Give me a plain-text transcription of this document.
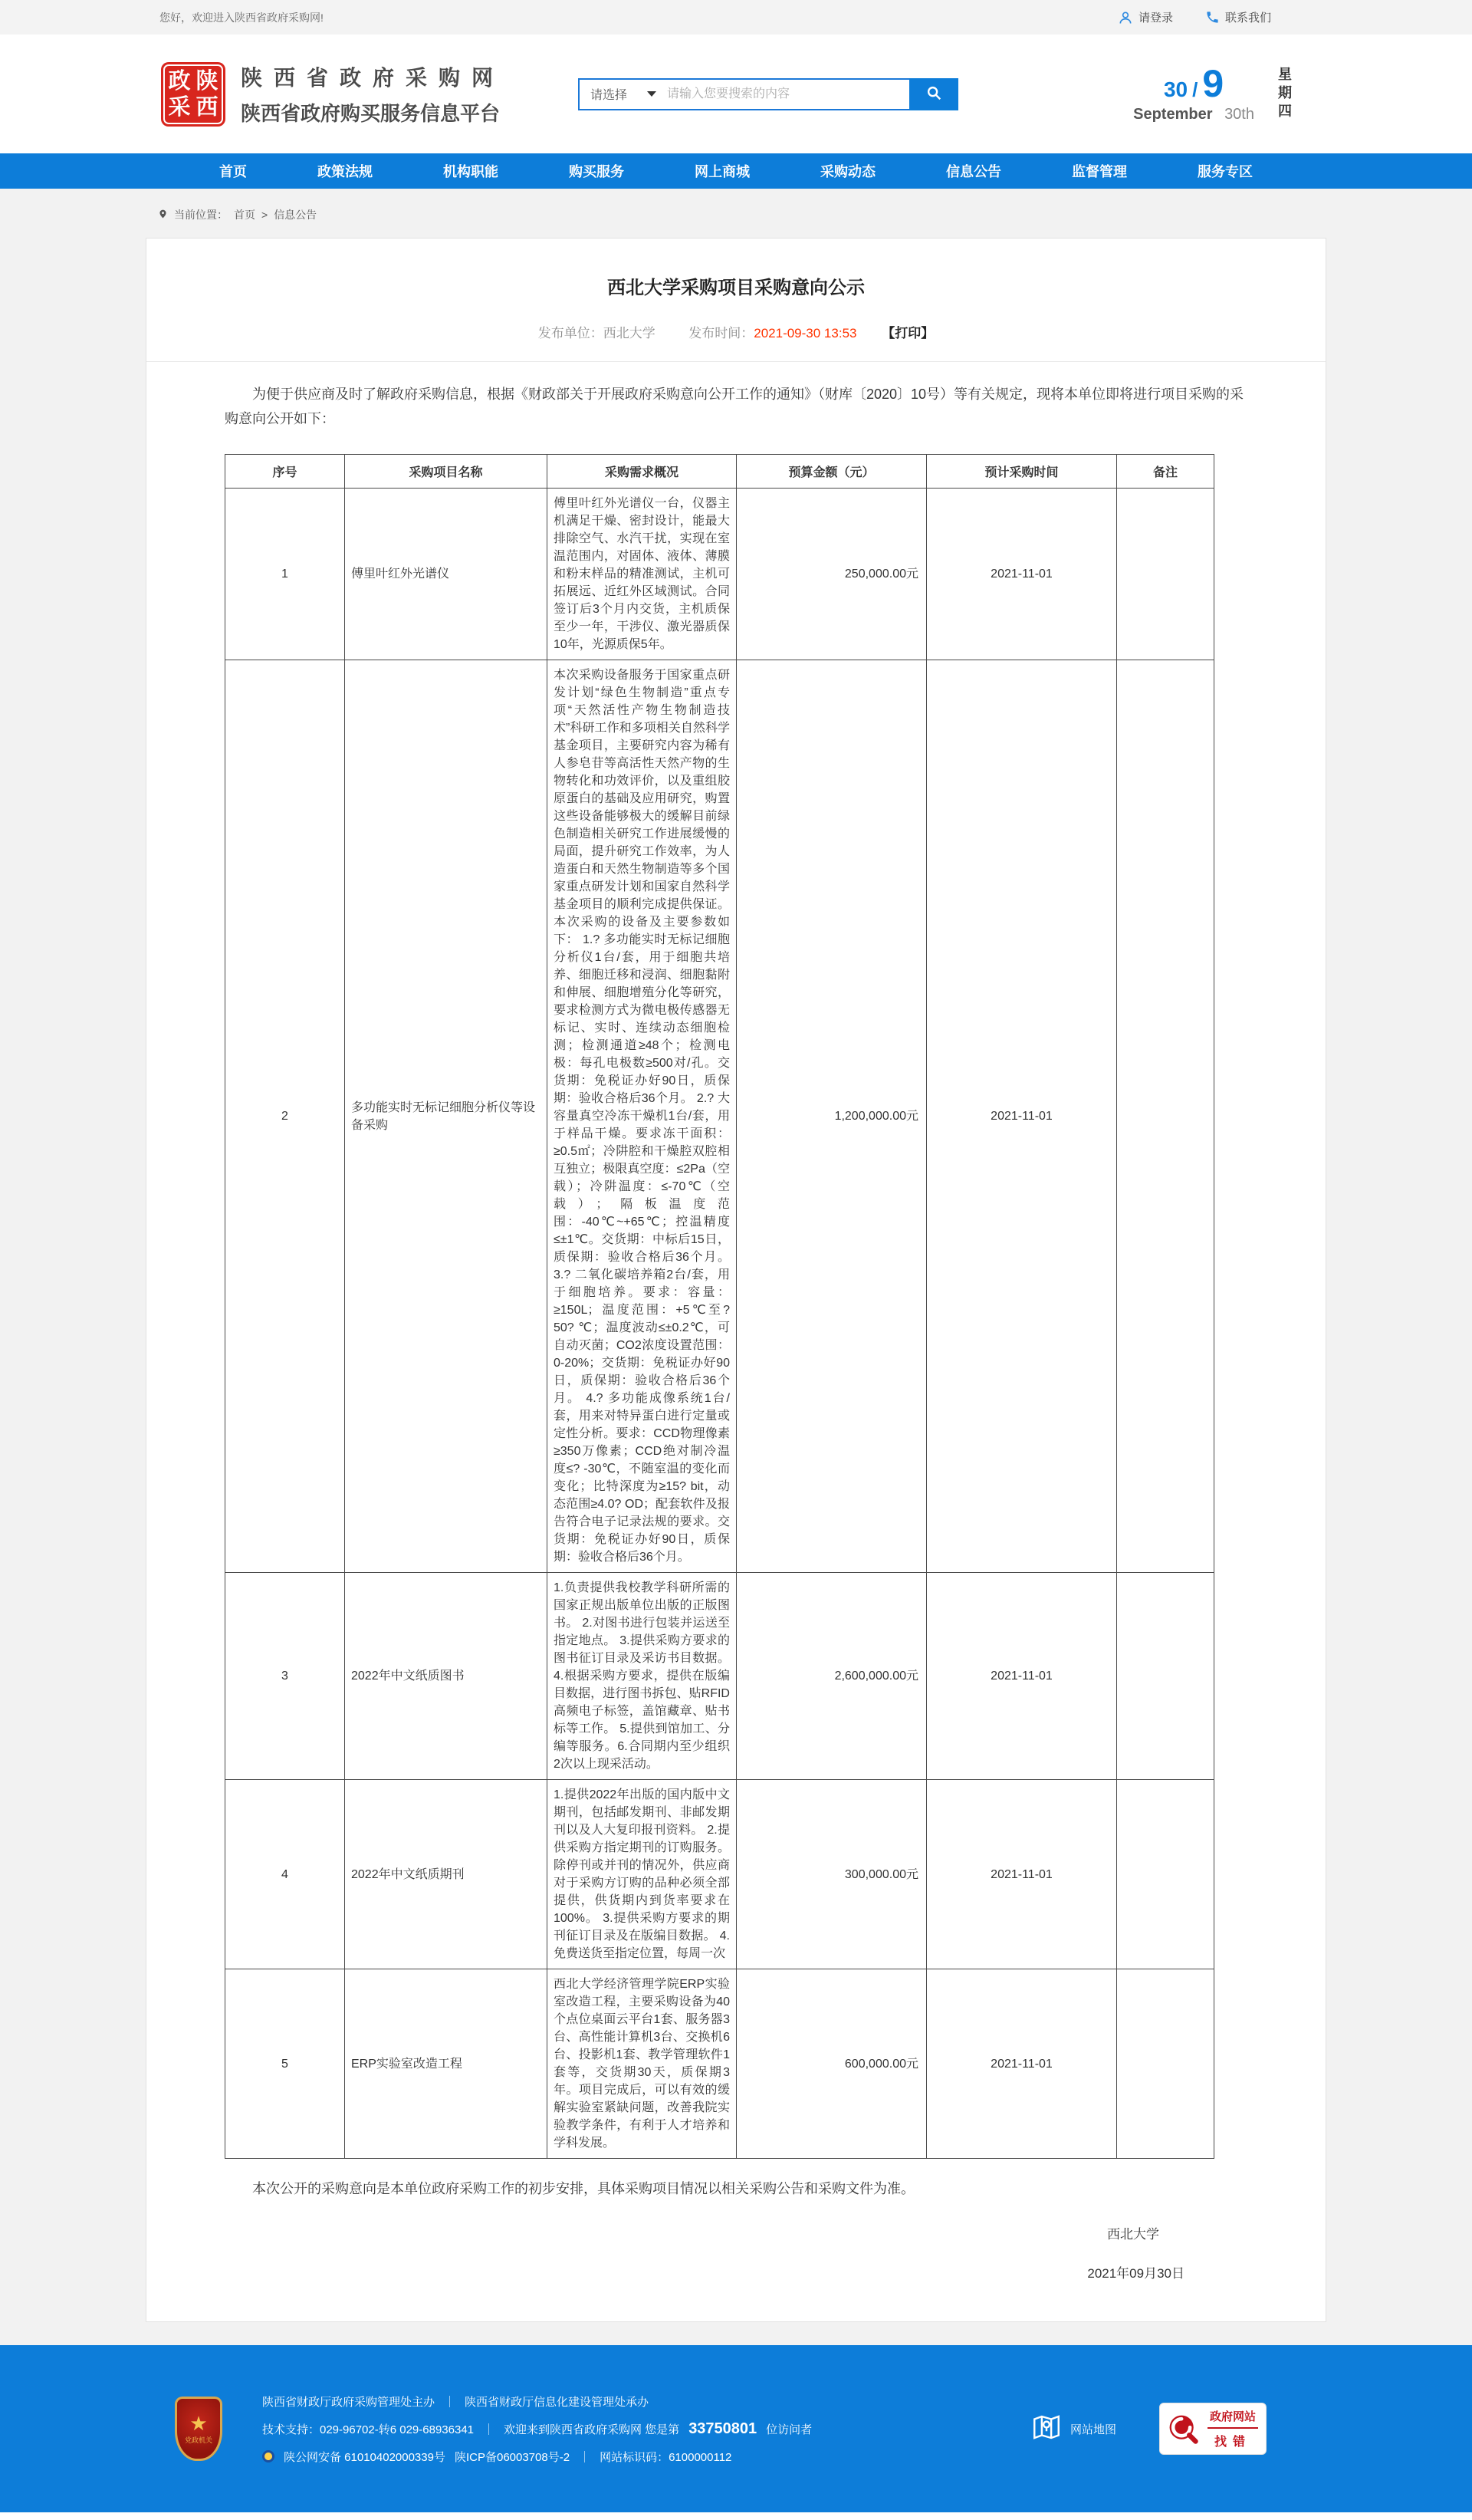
您好，欢迎进入陕西省政府采购网!	请登录	联系我们
政陕
采西
陕西省政府采购网
陕西省政府购买服务信息平台
请选择
请输入您要搜索的内容	30 / 9
September 30th 星期四
首页	政策法规	机构职能	购买服务	网上商城	采购动态	信息公告	监督管理	服务专区
当前位置： 首页 > 信息公告
西北大学采购项目采购意向公示
发布单位：西北大学	发布时间：2021-09-30 13:53 【打印】

为便于供应商及时了解政府采购信息，根据《财政部关于开展政府采购意向公开工作的通知》（财库〔2020〕10号）等有关规定，现将本单位即将进行项目采购的采购意向公开如下：

序号	采购项目名称	采购需求概况	预算金额（元）	预计采购时间	备注
1	傅里叶红外光谱仪	傅里叶红外光谱仪一台，仪器主机满足干燥、密封设计，能最大排除空气、水汽干扰，实现在室温范围内，对固体、液体、薄膜和粉末样品的精准测试，主机可拓展远、近红外区域测试。合同签订后3个月内交货，主机质保至少一年，干涉仪、激光器质保10年，光源质保5年。	250,000.00元	2021-11-01	
2	多功能实时无标记细胞分析仪等设备采购	本次采购设备服务于国家重点研发计划“绿色生物制造”重点专项“天然活性产物生物制造技术”科研工作和多项相关自然科学基金项目，主要研究内容为稀有人参皂苷等高活性天然产物的生物转化和功效评价，以及重组胶原蛋白的基础及应用研究，购置这些设备能够极大的缓解目前绿色制造相关研究工作进展缓慢的局面，提升研究工作效率，为人造蛋白和天然生物制造等多个国家重点研发计划和国家自然科学基金项目的顺利完成提供保证。本次采购的设备及主要参数如下： 1.? 多功能实时无标记细胞分析仪1台/套，用于细胞共培养、细胞迁移和浸润、细胞黏附和伸展、细胞增殖分化等研究，要求检测方式为微电极传感器无标记、实时、连续动态细胞检测；检测通道≥48个；检测电极：每孔电极数≥500对/孔。交货期：免税证办好90日，质保期：验收合格后36个月。 2.? 大容量真空冷冻干燥机1台/套，用于样品干燥。要求冻干面积：≥0.5㎡；冷阱腔和干燥腔双腔相互独立；极限真空度：≤2Pa（空载）；冷阱温度：≤-70℃（空载）；隔板温度范围：-40℃~+65℃；控温精度≤±1℃。交货期：中标后15日，质保期：验收合格后36个月。 3.? 二氧化碳培养箱2台/套，用于细胞培养。要求：容量：≥150L；温度范围：+5℃至? 50? ℃；温度波动≤±0.2℃，可自动灭菌；CO2浓度设置范围：0-20%；交货期：免税证办好90日，质保期：验收合格后36个月。 4.? 多功能成像系统1台/套，用来对特异蛋白进行定量或定性分析。要求：CCD物理像素≥350万像素；CCD绝对制冷温度≤? -30℃，不随室温的变化而变化；比特深度为≥15? bit，动态范围≥4.0? OD；配套软件及报告符合电子记录法规的要求。交货期：免税证办好90日，质保期：验收合格后36个月。	1,200,000.00元	2021-11-01	
3	2022年中文纸质图书	1.负责提供我校教学科研所需的国家正规出版单位出版的正版图书。 2.对图书进行包装并运送至指定地点。 3.提供采购方要求的图书征订目录及采访书目数据。 4.根据采购方要求，提供在版编目数据，进行图书拆包、贴RFID高频电子标签，盖馆藏章、贴书标等工作。 5.提供到馆加工、分编等服务。6.合同期内至少组织2次以上现采活动。	2,600,000.00元	2021-11-01	
4	2022年中文纸质期刊	1.提供2022年出版的国内版中文期刊，包括邮发期刊、非邮发期刊以及人大复印报刊资料。 2.提供采购方指定期刊的订购服务。除停刊或并刊的情况外，供应商对于采购方订购的品种必须全部提供，供货期内到货率要求在100%。 3.提供采购方要求的期刊征订目录及在版编目数据。 4.免费送货至指定位置，每周一次	300,000.00元	2021-11-01	
5	ERP实验室改造工程	西北大学经济管理学院ERP实验室改造工程，主要采购设备为40个点位桌面云平台1套、服务器3台、高性能计算机3台、交换机6台、投影机1套、教学管理软件1套等，交货期30天，质保期3年。项目完成后，可以有效的缓解实验室紧缺问题，改善我院实验教学条件，有利于人才培养和学科发展。	600,000.00元	2021-11-01	

本次公开的采购意向是本单位政府采购工作的初步安排，具体采购项目情况以相关采购公告和采购文件为准。

西北大学
2021年09月30日
★
党政机关
陕西省财政厅政府采购管理处主办 ｜ 陕西省财政厅信息化建设管理处承办
技术支持：029-96702-转6 029-68936341 ｜ 欢迎来到陕西省政府采购网 您是第 33750801 位访问者
陕公网安备 61010402000339号 陕ICP备06003708号-2 ｜ 网站标识码：6100000112
网站地图
政府网站
找错
